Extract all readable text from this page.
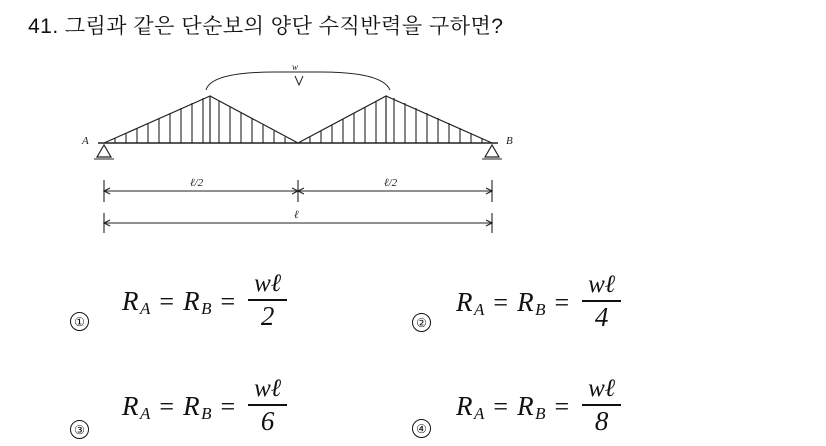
41. 그림과 같은 단순보의 양단 수직반력을 구하면?
A	B
w
ℓ/2	ℓ/2
ℓ
①
R A = R $B = \frac{\text{wℓ}}{2}$	②
R A = R $B = \frac{\text{wℓ}}{4}$
③
R A = R $B = \frac{\text{wℓ}}{6}$	④
R A = R $B = \frac{\text{wℓ}}{8}$
